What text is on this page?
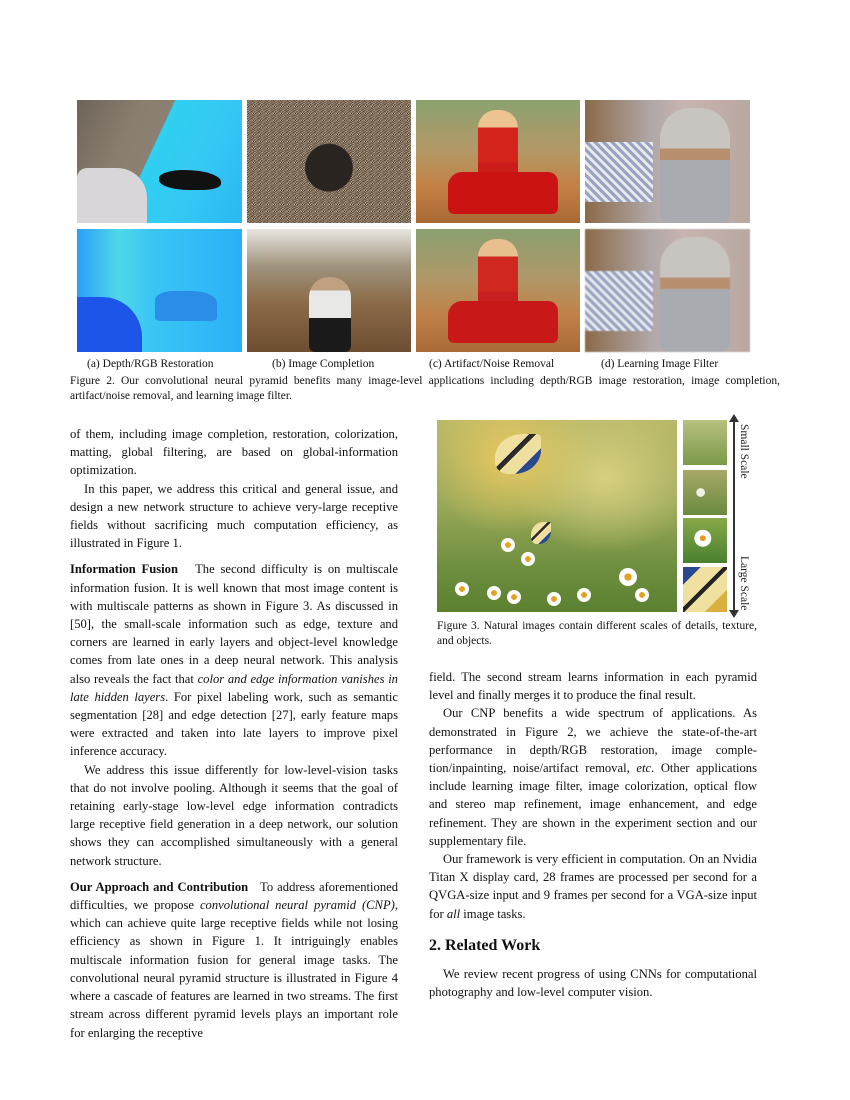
(a) Depth/RGB Restoration	(b) Image Completion	(c) Artifact/Noise Removal	(d) Learning Image Filter
Figure 2. Our convolutional neural pyramid benefits many image-level applications including depth/RGB image restoration, image completion, artifact/noise removal, and learning image filter.
Small Scale
Large Scale
Figure 3. Natural images contain different scales of details, texture, and objects.

of them, including image completion, restoration, colorization, matting, global filtering, are based on global-information optimization.

In this paper, we address this critical and general issue, and design a new network structure to achieve very-large receptive fields without sacrificing much computation efficiency, as illustrated in Figure 1.

Information Fusion The second difficulty is on multiscale information fusion. It is well known that most image content is with multiscale patterns as shown in Figure 3. As discussed in [50], the small-scale information such as edge, texture and corners are learned in early layers and object-level knowledge comes from late ones in a deep neural network. This analysis also reveals the fact that color and edge information vanishes in late hidden layers. For pixel labeling work, such as semantic segmentation [28] and edge detection [27], early feature maps were extracted and taken into late layers to improve pixel inference accuracy.

We address this issue differently for low-level-vision tasks that do not involve pooling. Although it seems that the goal of retaining early-stage low-level edge information contradicts large receptive field generation in a deep network, our solution shows they can accomplished simultaneously with a general network structure.

Our Approach and Contribution To address aforementioned difficulties, we propose convolutional neural pyramid (CNP), which can achieve quite large receptive fields while not losing efficiency as shown in Figure 1. It intriguingly enables multiscale information fusion for general image tasks. The convolutional neural pyramid structure is illustrated in Figure 4 where a cascade of features are learned in two streams. The first stream across different pyramid levels plays an important role for enlarging the receptive

field. The second stream learns information in each pyramid level and finally merges it to produce the final result.

Our CNP benefits a wide spectrum of applications. As demonstrated in Figure 2, we achieve the state-of-the-art performance in depth/RGB restoration, image completion/inpainting, noise/artifact removal, etc. Other applications include learning image filter, image colorization, optical flow and stereo map refinement, image enhancement, and edge refinement. They are shown in the experiment section and our supplementary file.

Our framework is very efficient in computation. On an Nvidia Titan X display card, 28 frames are processed per second for a QVGA-size input and 9 frames per second for a VGA-size input for all image tasks.

2. Related Work

We review recent progress of using CNNs for computational photography and low-level computer vision.
